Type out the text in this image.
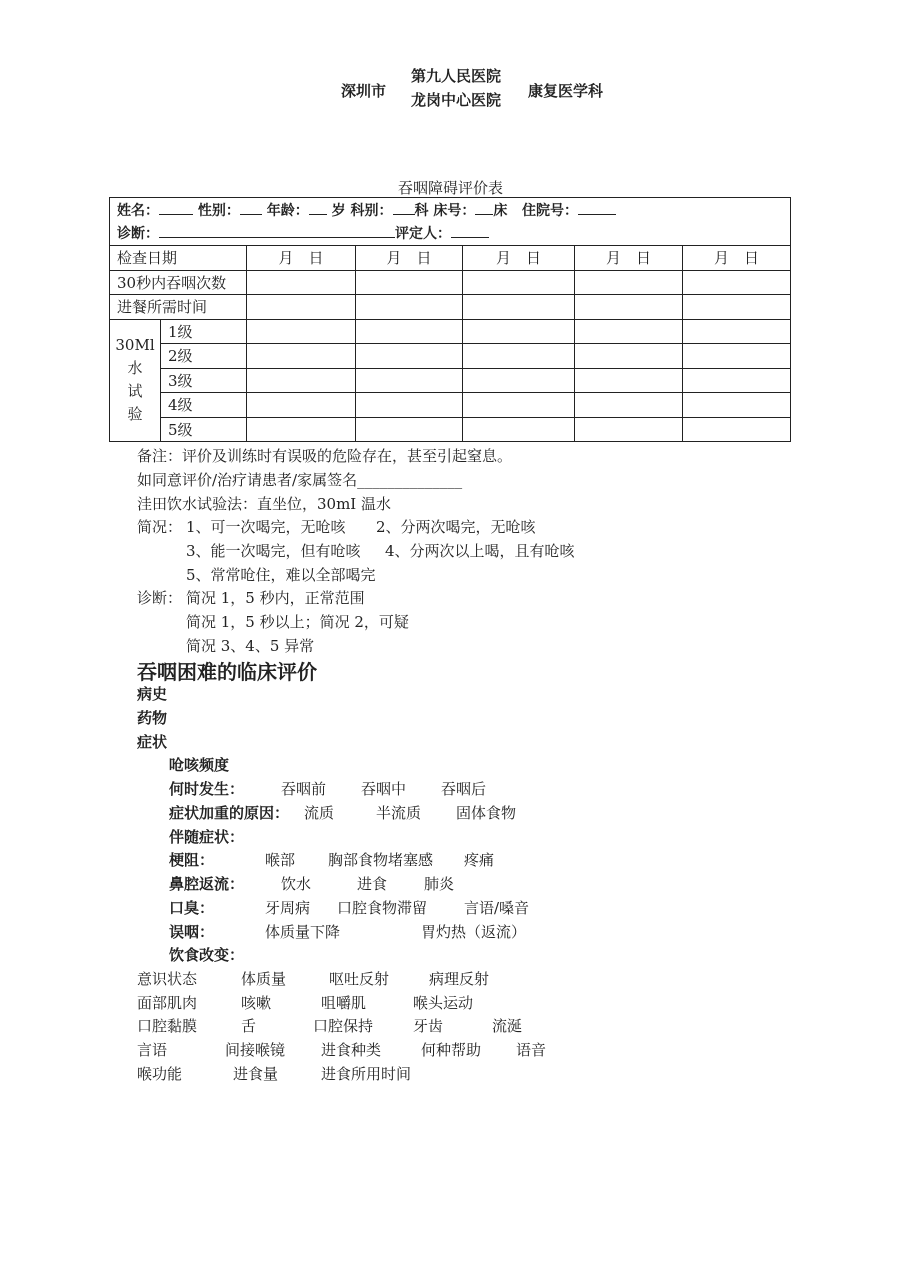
深圳市
第九人民医院
龙岗中心医院 康复医学科
吞咽障碍评价表
姓名： 性别： 年龄： 岁 科别： 科 床号： 床 住院号：						
诊断： 评定人：						
检查日期		月　日	月　日	月　日	月　日	月　日
30秒内吞咽次数						
进餐所需时间						

30Ml
水
试
验	1级					
	2级					
	3级					
	4级					
	5级					
备注：评价及训练时有误吸的危险存在，甚至引起窒息。
如同意评价/治疗请患者/家属签名______________
洼田饮水试验法：直坐位，30mI 温水
简况： 1、可一次喝完，无呛咳 2、分两次喝完，无呛咳
3、能一次喝完，但有呛咳 4、分两次以上喝，且有呛咳
5、常常呛住，难以全部喝完
诊断： 简况 1，5 秒内，正常范围
简况 1，5 秒以上；简况 2，可疑
简况 3、4、5 异常
吞咽困难的临床评价
病史
药物
症状
呛咳频度
何时发生： 吞咽前 吞咽中 吞咽后
症状加重的原因： 流质	半流质 固体食物
伴随症状：
梗阻：	喉部 胸部食物堵塞感 疼痛
鼻腔返流： 饮水	进食 肺炎
口臭：	牙周病 口腔食物滞留 言语/嗓音
误咽：	体质量下降	胃灼热（返流）
饮食改变：
意识状态	体质量	呕吐反射	病理反射
面部肌肉	咳嗽	咀嚼肌	喉头运动
口腔黏膜	舌	口腔保持	牙齿	流涎
言语	间接喉镜 进食种类	何种帮助 语音
喉功能	进食量	进食所用时间
